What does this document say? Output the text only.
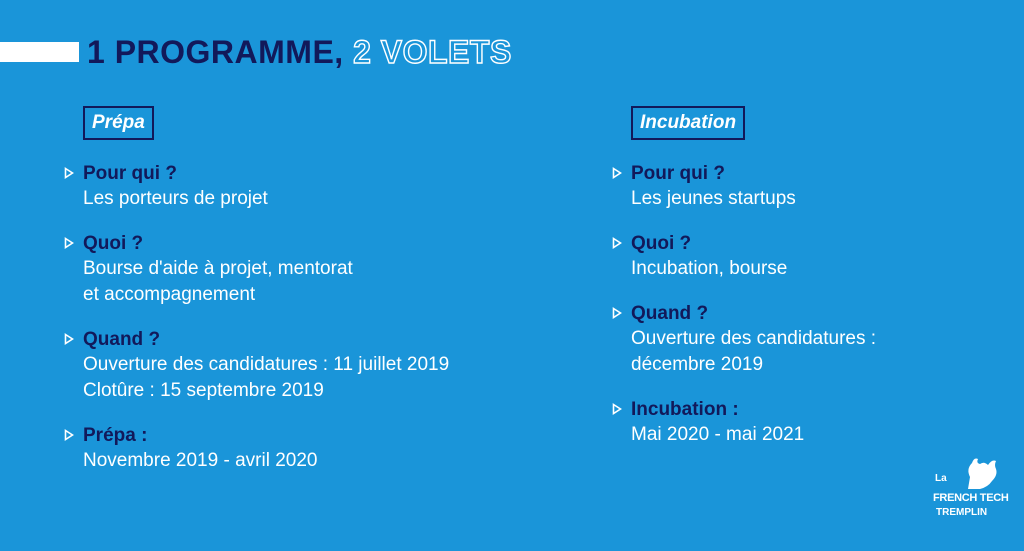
1 PROGRAMME, 2 VOLETS
Prépa
Pour qui ?
Les porteurs de projet
Quoi ?
Bourse d'aide à projet, mentorat
et accompagnement
Quand ?
Ouverture des candidatures : 11 juillet 2019
Clotûre : 15 septembre 2019
Prépa :
Novembre 2019 - avril 2020
Incubation
Pour qui ?
Les jeunes startups
Quoi ?
Incubation, bourse
Quand ?
Ouverture des candidatures :
décembre 2019
Incubation :
Mai 2020 - mai 2021
La
FRENCH TECH
TREMPLIN
